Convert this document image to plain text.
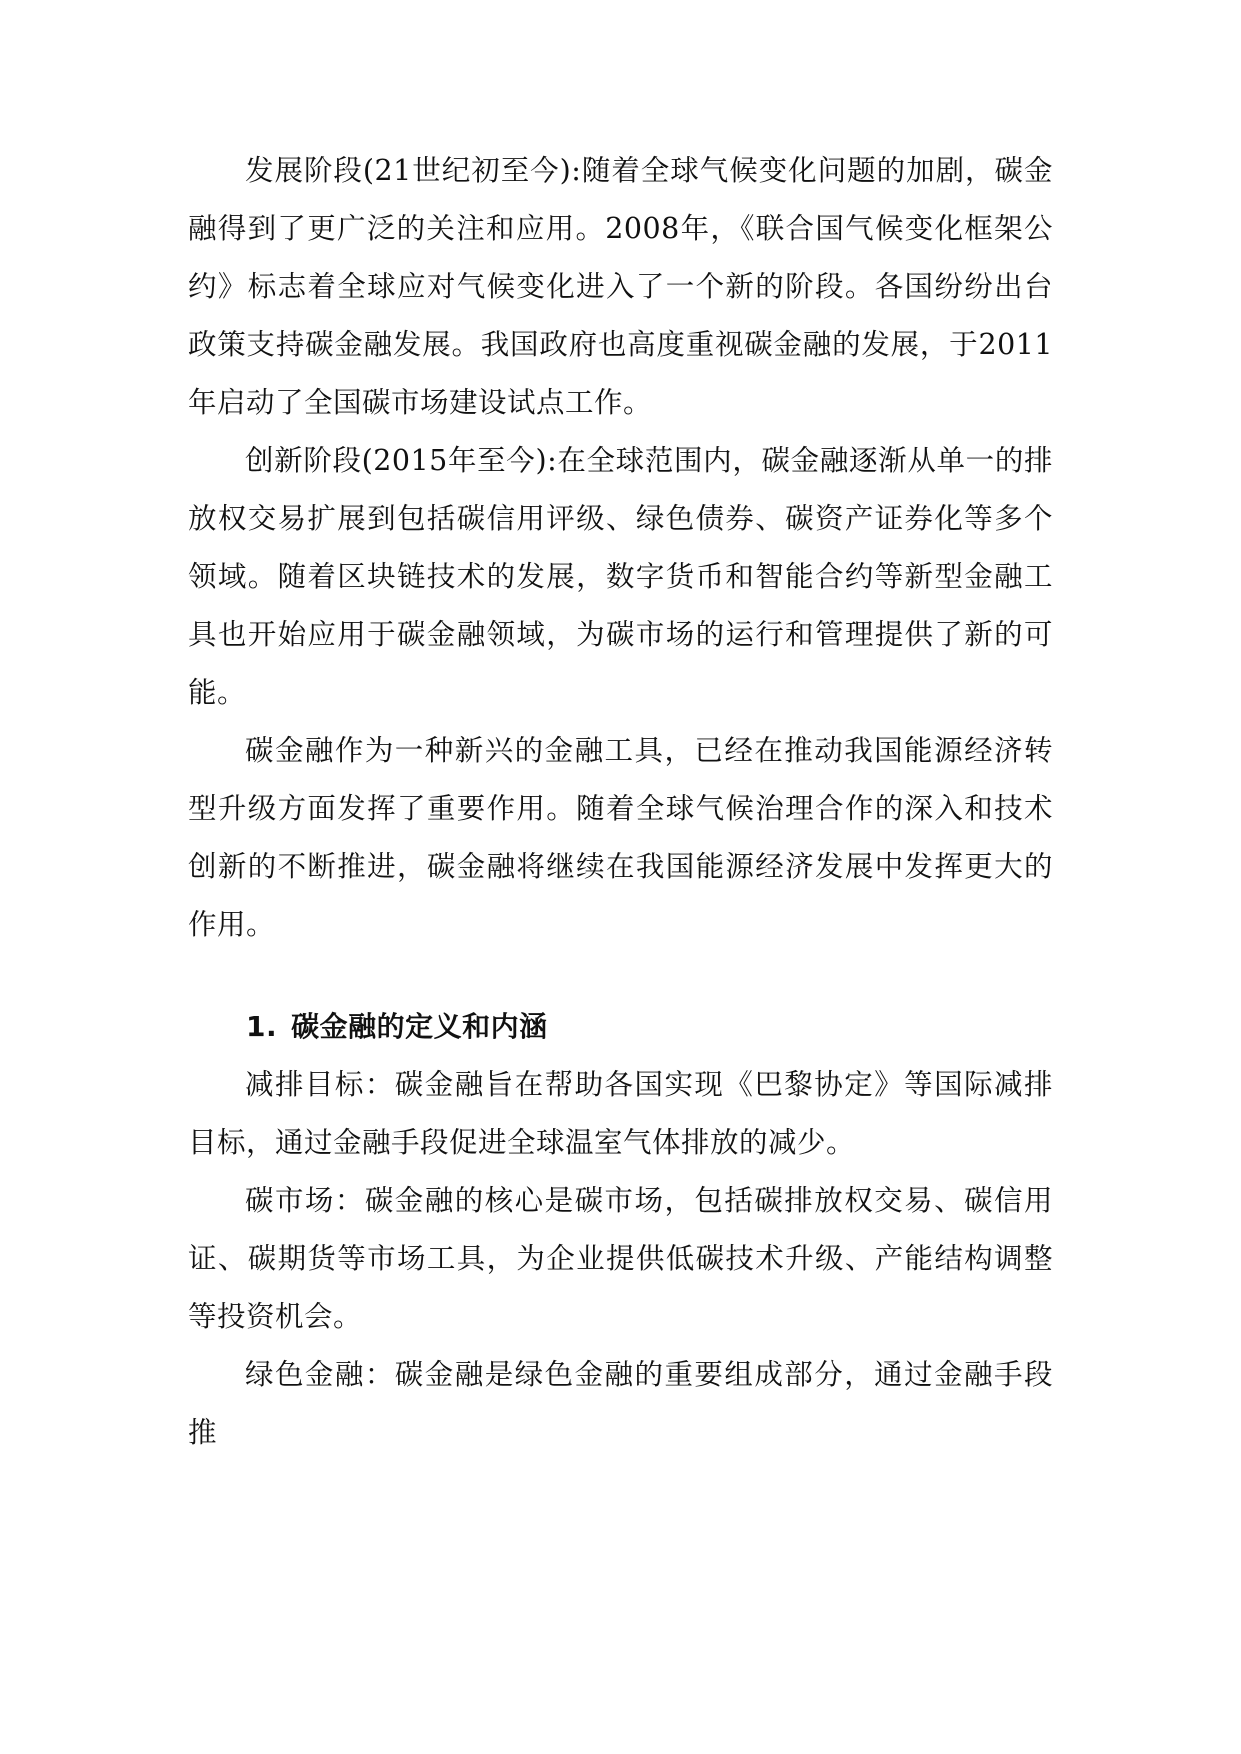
发展阶段(21世纪初至今):随着全球气候变化问题的加剧，碳金融得到了更广泛的关注和应用。2008年，《联合国气候变化框架公约》标志着全球应对气候变化进入了一个新的阶段。各国纷纷出台政策支持碳金融发展。我国政府也高度重视碳金融的发展，于2011年启动了全国碳市场建设试点工作。

创新阶段(2015年至今):在全球范围内，碳金融逐渐从单一的排放权交易扩展到包括碳信用评级、绿色债券、碳资产证券化等多个领域。随着区块链技术的发展，数字货币和智能合约等新型金融工具也开始应用于碳金融领域，为碳市场的运行和管理提供了新的可能。

碳金融作为一种新兴的金融工具，已经在推动我国能源经济转型升级方面发挥了重要作用。随着全球气候治理合作的深入和技术创新的不断推进，碳金融将继续在我国能源经济发展中发挥更大的作用。

1. 碳金融的定义和内涵

减排目标：碳金融旨在帮助各国实现《巴黎协定》等国际减排目标，通过金融手段促进全球温室气体排放的减少。

碳市场：碳金融的核心是碳市场，包括碳排放权交易、碳信用证、碳期货等市场工具，为企业提供低碳技术升级、产能结构调整等投资机会。

绿色金融：碳金融是绿色金融的重要组成部分，通过金融手段推
